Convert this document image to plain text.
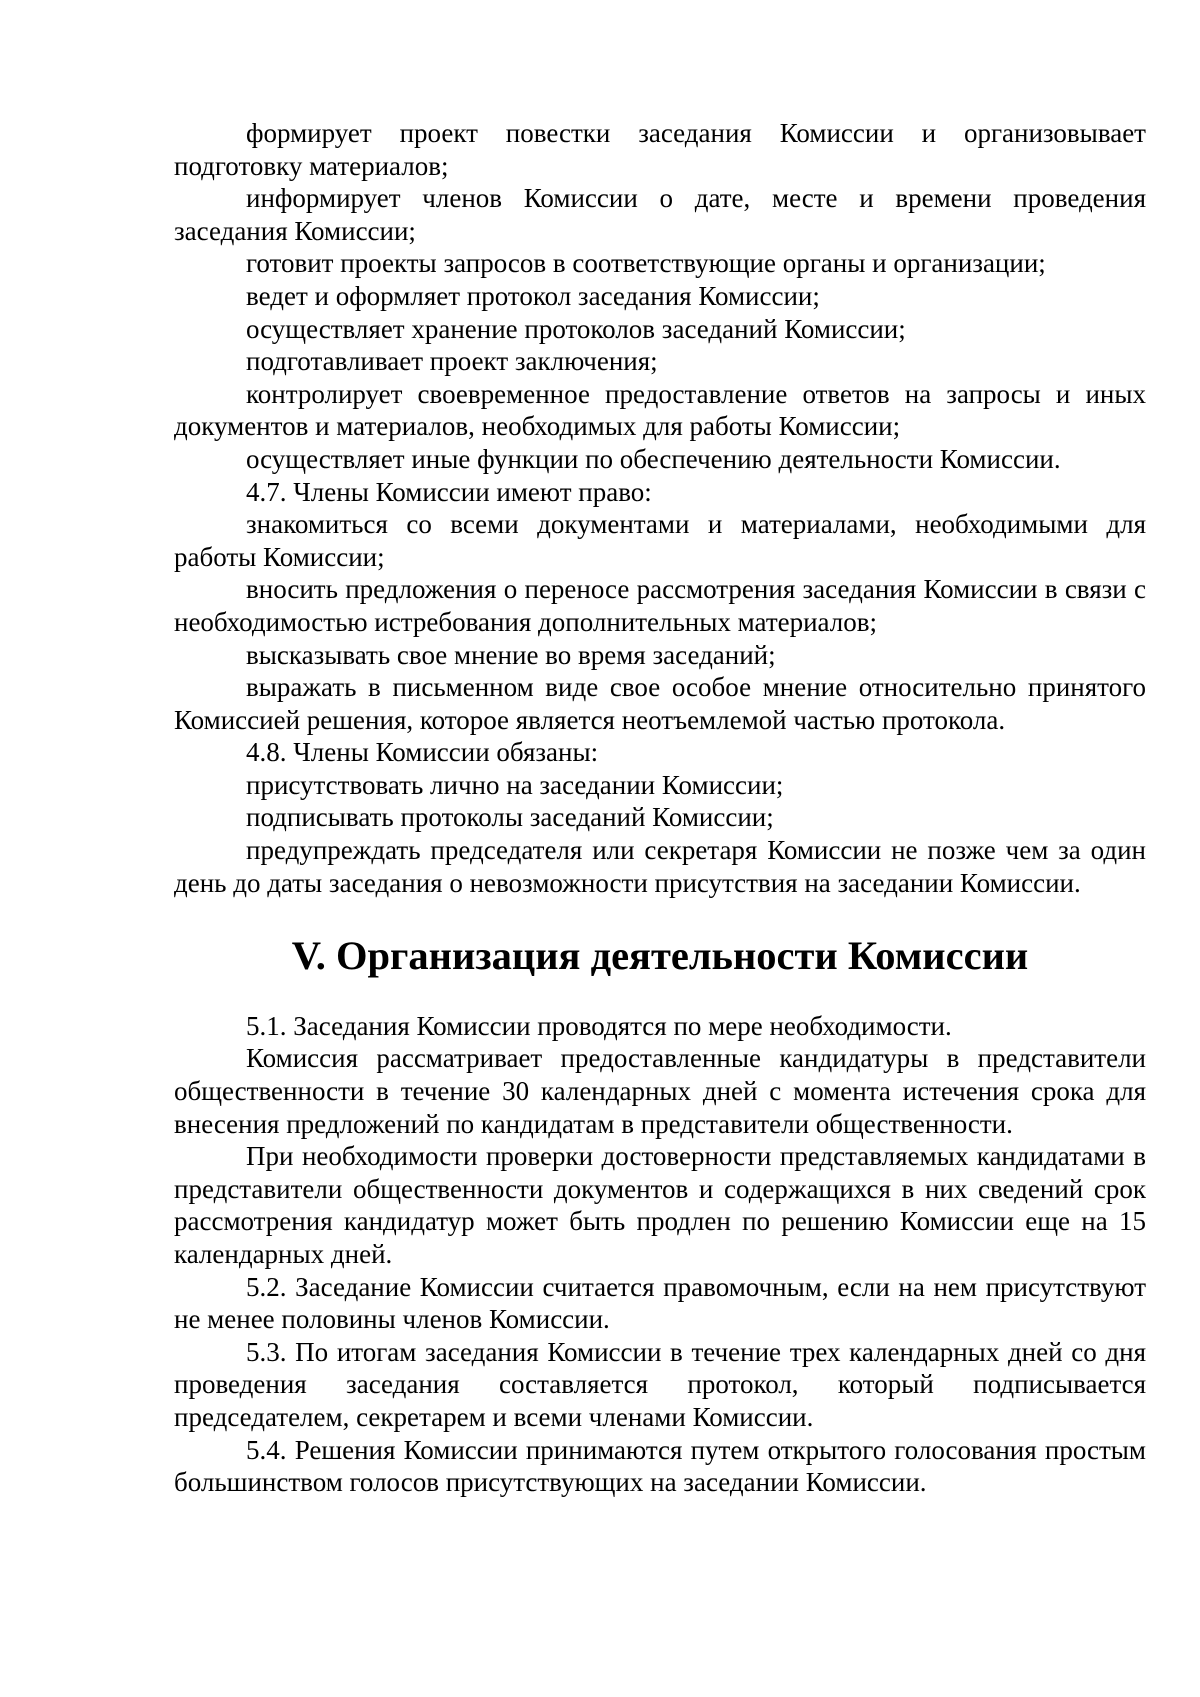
формирует проект повестки заседания Комиссии и организовывает подготовку материалов;

информирует членов Комиссии о дате, месте и времени проведения заседания Комиссии;

готовит проекты запросов в соответствующие органы и организации;

ведет и оформляет протокол заседания Комиссии;

осуществляет хранение протоколов заседаний Комиссии;

подготавливает проект заключения;

контролирует своевременное предоставление ответов на запросы и иных документов и материалов, необходимых для работы Комиссии;

осуществляет иные функции по обеспечению деятельности Комиссии.

4.7. Члены Комиссии имеют право:

знакомиться со всеми документами и материалами, необходимыми для работы Комиссии;

вносить предложения о переносе рассмотрения заседания Комиссии в связи с необходимостью истребования дополнительных материалов;

высказывать свое мнение во время заседаний;

выражать в письменном виде свое особое мнение относительно принятого Комиссией решения, которое является неотъемлемой частью протокола.

4.8. Члены Комиссии обязаны:

присутствовать лично на заседании Комиссии;

подписывать протоколы заседаний Комиссии;

предупреждать председателя или секретаря Комиссии не позже чем за один день до даты заседания о невозможности присутствия на заседании Комиссии.

V. Организация деятельности Комиссии

5.1. Заседания Комиссии проводятся по мере необходимости.

Комиссия рассматривает предоставленные кандидатуры в представители общественности в течение 30 календарных дней с момента истечения срока для внесения предложений по кандидатам в представители общественности.

При необходимости проверки достоверности представляемых кандидатами в представители общественности документов и содержащихся в них сведений срок рассмотрения кандидатур может быть продлен по решению Комиссии еще на 15 календарных дней.

5.2. Заседание Комиссии считается правомочным, если на нем присутствуют не менее половины членов Комиссии.

5.3. По итогам заседания Комиссии в течение трех календарных дней со дня проведения заседания составляется протокол, который подписывается председателем, секретарем и всеми членами Комиссии.

5.4. Решения Комиссии принимаются путем открытого голосования простым большинством голосов присутствующих на заседании Комиссии.
